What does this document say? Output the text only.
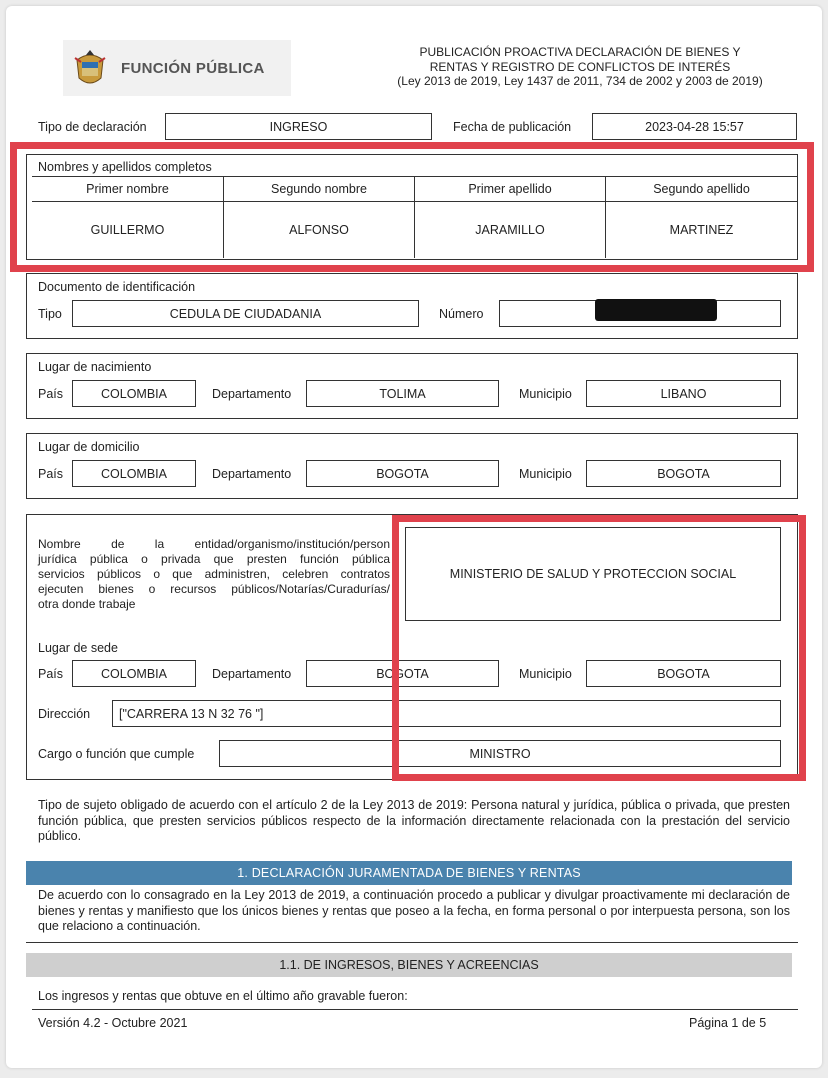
FUNCIÓN PÚBLICA
PUBLICACIÓN PROACTIVA DECLARACIÓN DE BIENES Y
RENTAS Y REGISTRO DE CONFLICTOS DE INTERÉS
(Ley 2013 de 2019, Ley 1437 de 2011, 734 de 2002 y 2003 de 2019)
Tipo de declaración	INGRESO	Fecha de publicación	2023-04-28 15:57
Nombres y apellidos completos
Primer nombre	Segundo nombre	Primer apellido	Segundo apellido
GUILLERMO	ALFONSO	JARAMILLO	MARTINEZ
Documento de identificación
Tipo	CEDULA DE CIUDADANIA	Número
Lugar de nacimiento
País	COLOMBIA	Departamento	TOLIMA	Municipio	LIBANO
Lugar de domicilio
País	COLOMBIA	Departamento	BOGOTA	Municipio	BOGOTA
Nombre de la entidad/organismo/institución/person
jurídica pública o privada que presten función pública
servicios públicos o que administren, celebren contratos
ejecuten bienes o recursos públicos/Notarías/Curadurías/
otra donde trabaje
MINISTERIO DE SALUD Y PROTECCION SOCIAL
Lugar de sede
País	COLOMBIA	Departamento	BOGOTA	Municipio	BOGOTA
Dirección	["CARRERA 13 N 32 76 "]
Cargo o función que cumple	MINISTRO
Tipo de sujeto obligado de acuerdo con el artículo 2 de la Ley 2013 de 2019: Persona natural y jurídica, pública o privada, que presten función pública, que presten servicios públicos respecto de la información directamente relacionada con la prestación del servicio público.
1. DECLARACIÓN JURAMENTADA DE BIENES Y RENTAS
De acuerdo con lo consagrado en la Ley 2013 de 2019, a continuación procedo a publicar y divulgar proactivamente mi declaración de bienes y rentas y manifiesto que los únicos bienes y rentas que poseo a la fecha, en forma personal o por interpuesta persona, son los que relaciono a continuación.
1.1. DE INGRESOS, BIENES Y ACREENCIAS
Los ingresos y rentas que obtuve en el último año gravable fueron:
Versión 4.2 - Octubre 2021	Página 1 de 5
